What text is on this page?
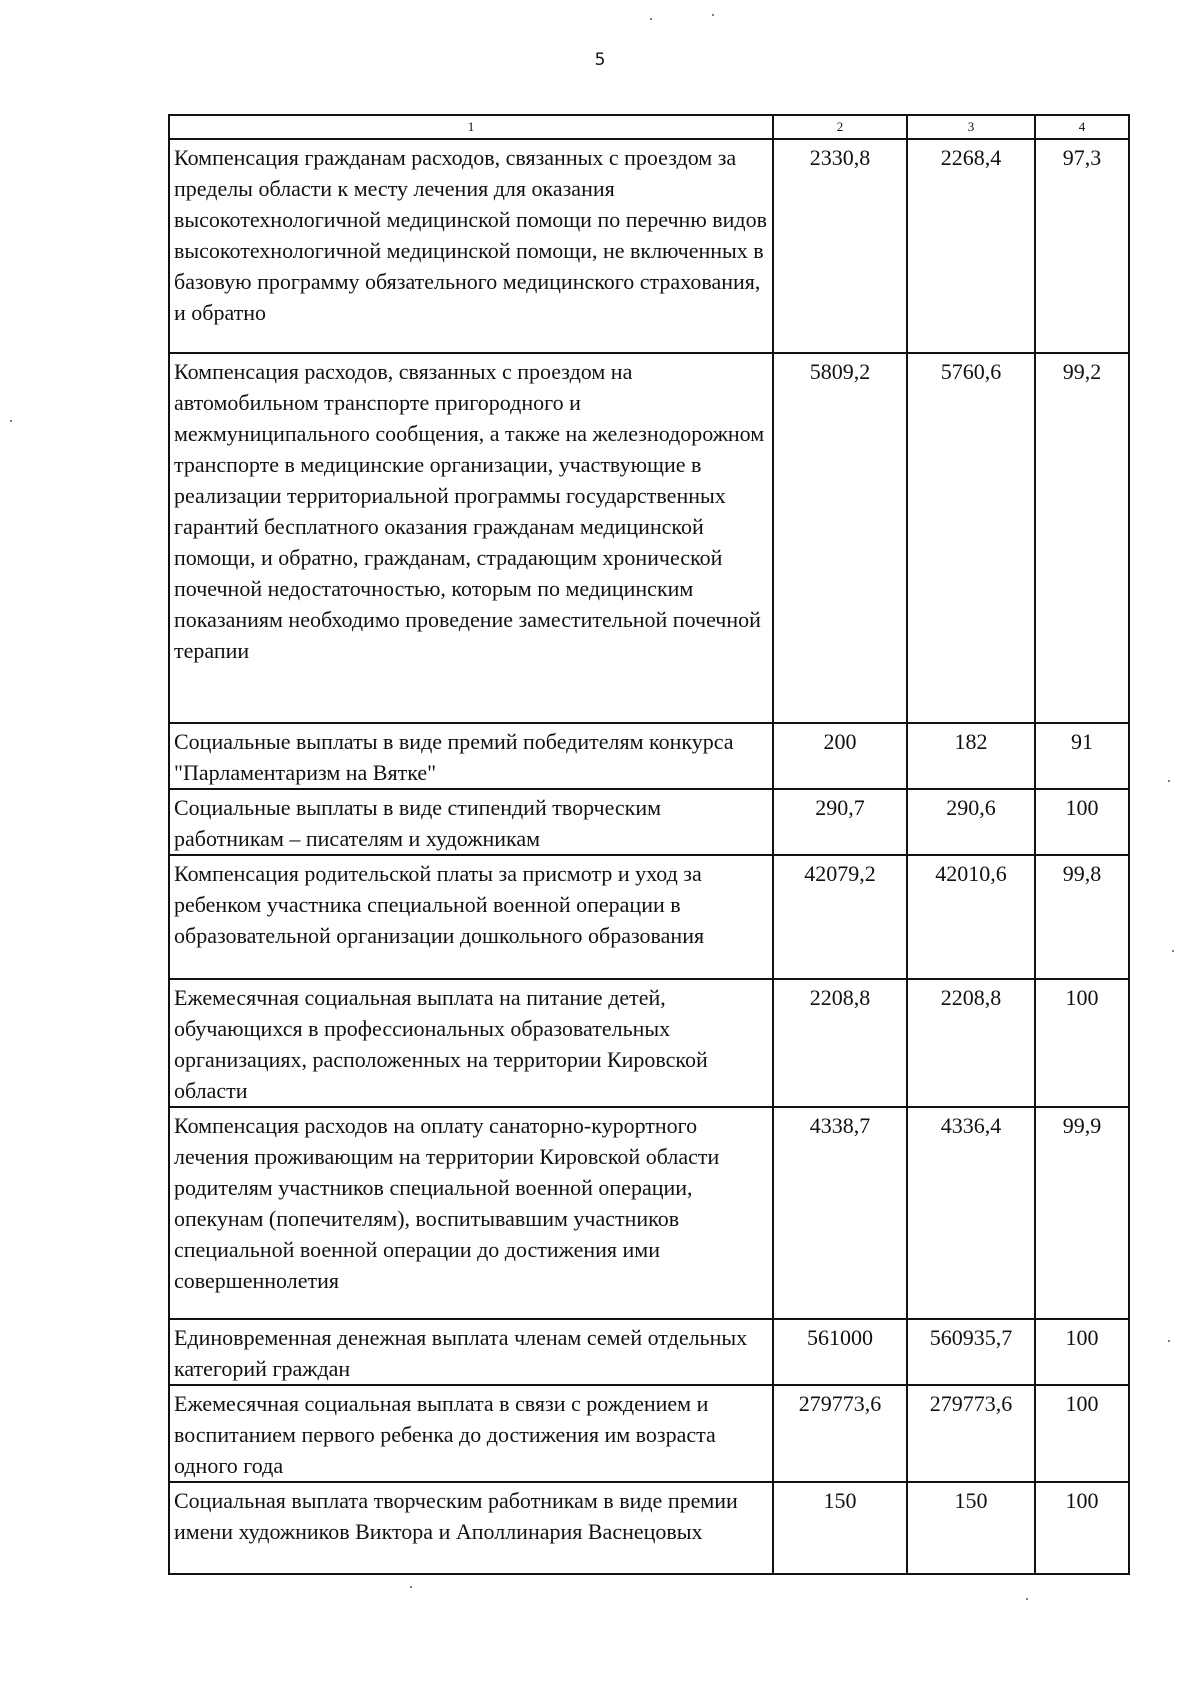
5
1	2	3	4
Компенсация гражданам расходов, связанных с проездом за пределы области к месту лечения для оказания высокотехнологичной медицинской помощи по перечню видов высокотехнологичной медицинской помощи, не включенных в базовую программу обязательного медицинского страхования, и обратно	2330,8	2268,4	97,3
Компенсация расходов, связанных с проездом на автомобильном транспорте пригородного и межмуниципального сообщения, а также на железнодорожном транспорте в медицинские организации, участвующие в реализации территориальной программы государственных гарантий бесплатного оказания гражданам медицинской помощи, и обратно, гражданам, страдающим хронической почечной недостаточностью, которым по медицинским показаниям необходимо проведение заместительной почечной терапии	5809,2	5760,6	99,2
Социальные выплаты в виде премий победителям конкурса "Парламентаризм на Вятке"	200	182	91
Социальные выплаты в виде стипендий творческим работникам – писателям и художникам	290,7	290,6	100
Компенсация родительской платы за присмотр и уход за ребенком участника специальной военной операции в образовательной организации дошкольного образования	42079,2	42010,6	99,8
Ежемесячная социальная выплата на питание детей, обучающихся в профессиональных образовательных организациях, расположенных на территории Кировской области	2208,8	2208,8	100
Компенсация расходов на оплату санаторно-курортного лечения проживающим на территории Кировской области родителям участников специальной военной операции, опекунам (попечителям), воспитывавшим участников специальной военной операции до достижения ими совершеннолетия	4338,7	4336,4	99,9
Единовременная денежная выплата членам семей отдельных категорий граждан	561000	560935,7	100
Ежемесячная социальная выплата в связи с рождением и воспитанием первого ребенка до достижения им возраста одного года	279773,6	279773,6	100
Социальная выплата творческим работникам в виде премии имени художников Виктора и Аполлинария Васнецовых	150	150	100
